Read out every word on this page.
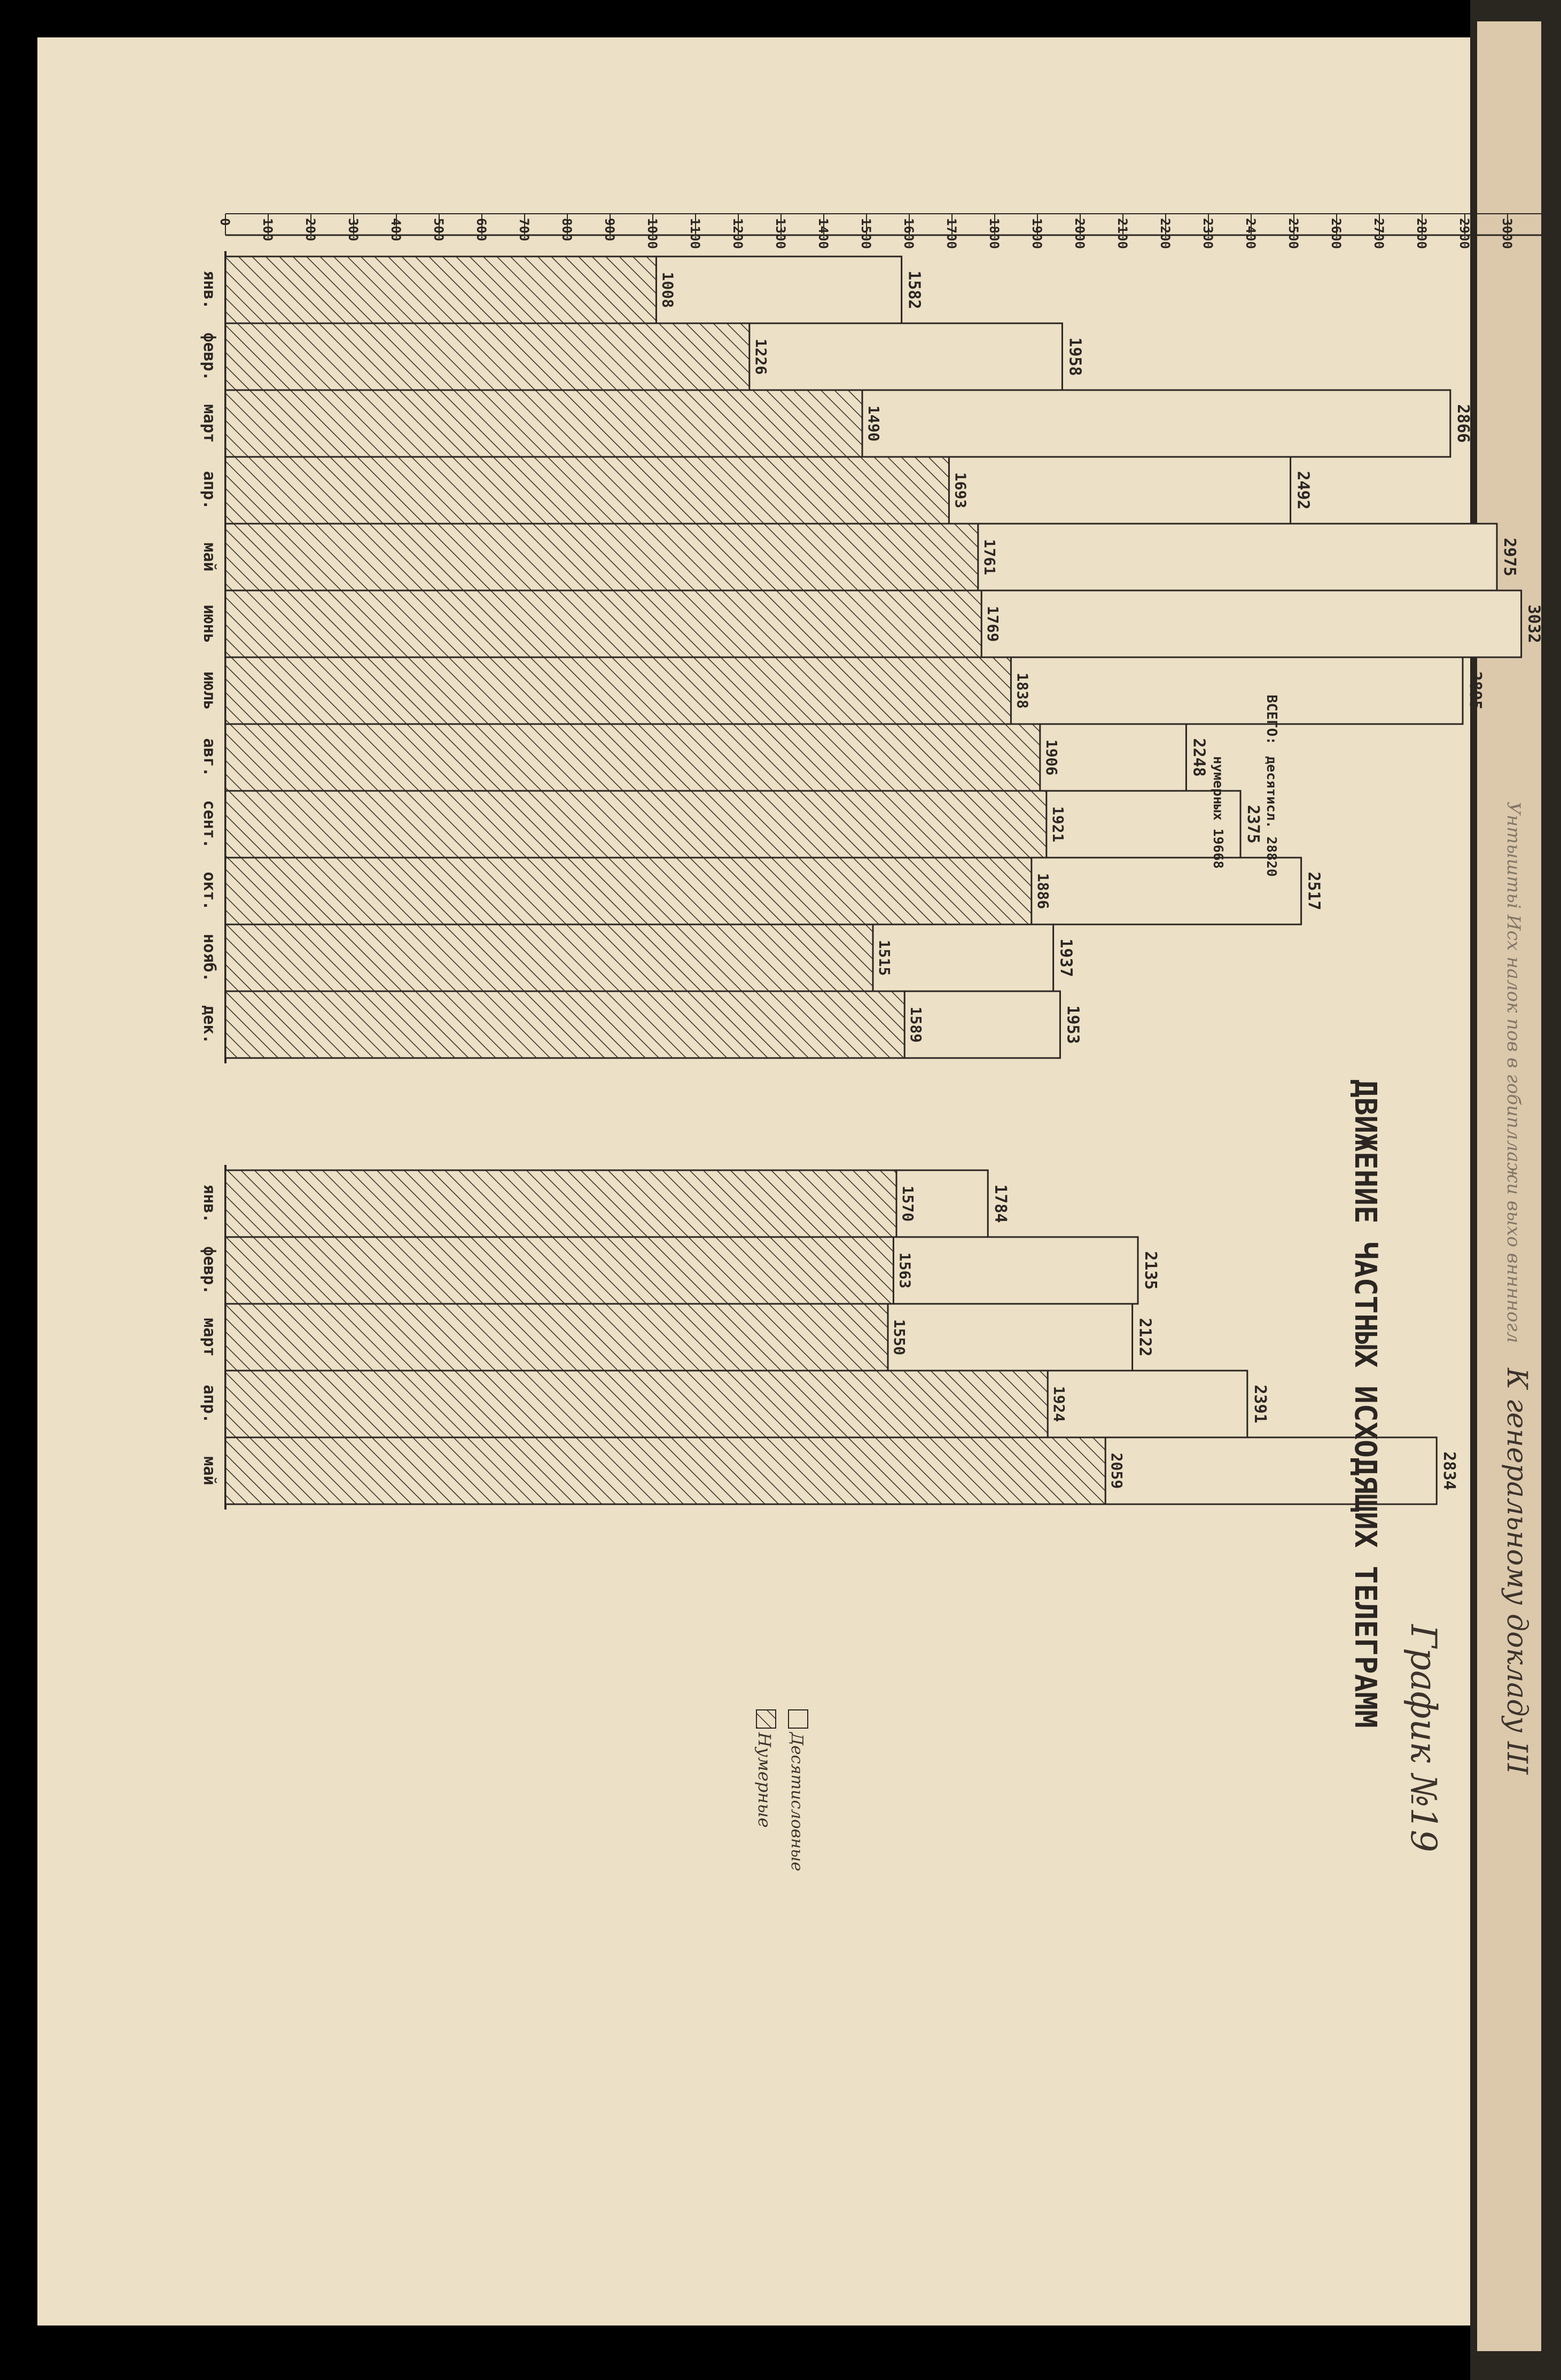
0 100 200 300 400 500 600 700 800 900 1000 1100 1200 1300 1400 1500 1600 1700 1800 1900 2000 2100 2200 2300 2400 2500 2600 2700 2800 2900 3000 3100
1582
1008
1958
1226
2866
1490
2492
1693
2975
1761
3032
1769
2895
1838
2248
1906
2375
1921
2517
1886
1937
1515
1953
1589
1784
1570
2135
1563
2122
1550
2391
1924
2834
2059
янв.
февр.
март
апр.
май
июнь
июль
авг.
сент.
окт.
нояб.
дек.
янв.
февр.
март
апр.
май
ВСЕГО:
нумерных 19668	десятисл. 28820
ДВИЖЕНИЕ ЧАСТНЫХ ИСХОДЯЩИХ ТЕЛЕГРАММ
Нумерные Десятисловные	График №19 К генеральному докладу III
Унтыштьі Исх налок пов в гобипллажи выхо внннногл
